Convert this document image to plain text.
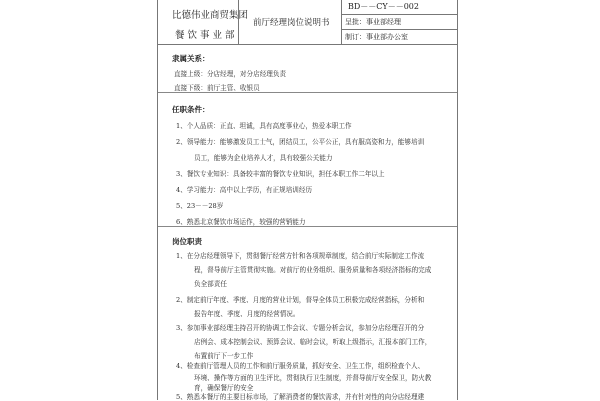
比德伟业商贸集团
餐饮事业部
前厅经理岗位说明书
BD－－CY－－002
呈批：事业部经理
制订：事业部办公室
隶属关系：
直接上级：分店经理，对分店经理负责
直接下级：前厅主管、收银员
任职条件：
1、个人品质：正直、坦诚，具有高度事业心，热爱本职工作
2、领导能力：能够激发员工士气，团结员工，公平公正，具有服高姿和力，能够培训
员工，能够为企业培养人才，具有较强公关能力
3、餐饮专业知识：具备较丰富的餐饮专业知识，担任本职工作二年以上
4、学习能力：高中以上学历，有正规培训经历
5、23－－28岁
6、熟悉北京餐饮市场运作，较强的营销能力
岗位职责
1、在分店经理领导下，贯彻餐厅经营方针和各项规章制度，结合前厅实际制定工作流
程，督导前厅主管贯彻实施。对前厅的业务组织、服务质量和各项经济指标的完成
负全部责任
2、制定前厅年度、季度、月度的营业计划，督导全体员工积极完成经营指标，分析和
报告年度、季度、月度的经营情况。
3、参加事业部经理主持召开的协调工作会议、专题分析会议，参加分店经理召开的分
店例会、成本控制会议、预算会议、临时会议，听取上级指示，汇报本部门工作，
布置前厅下一步工作
4、检查前厅管理人员的工作和前厅服务质量，抓好安全、卫生工作，组织检查个人、
环境、操作等方面的卫生评比，贯彻执行卫生制度，并督导前厅安全保卫，防火教
育，确保餐厅的安全
5、熟悉本餐厅的主要目标市场，了解消费者的餐饮需求，并有针对性的向分店经理建
